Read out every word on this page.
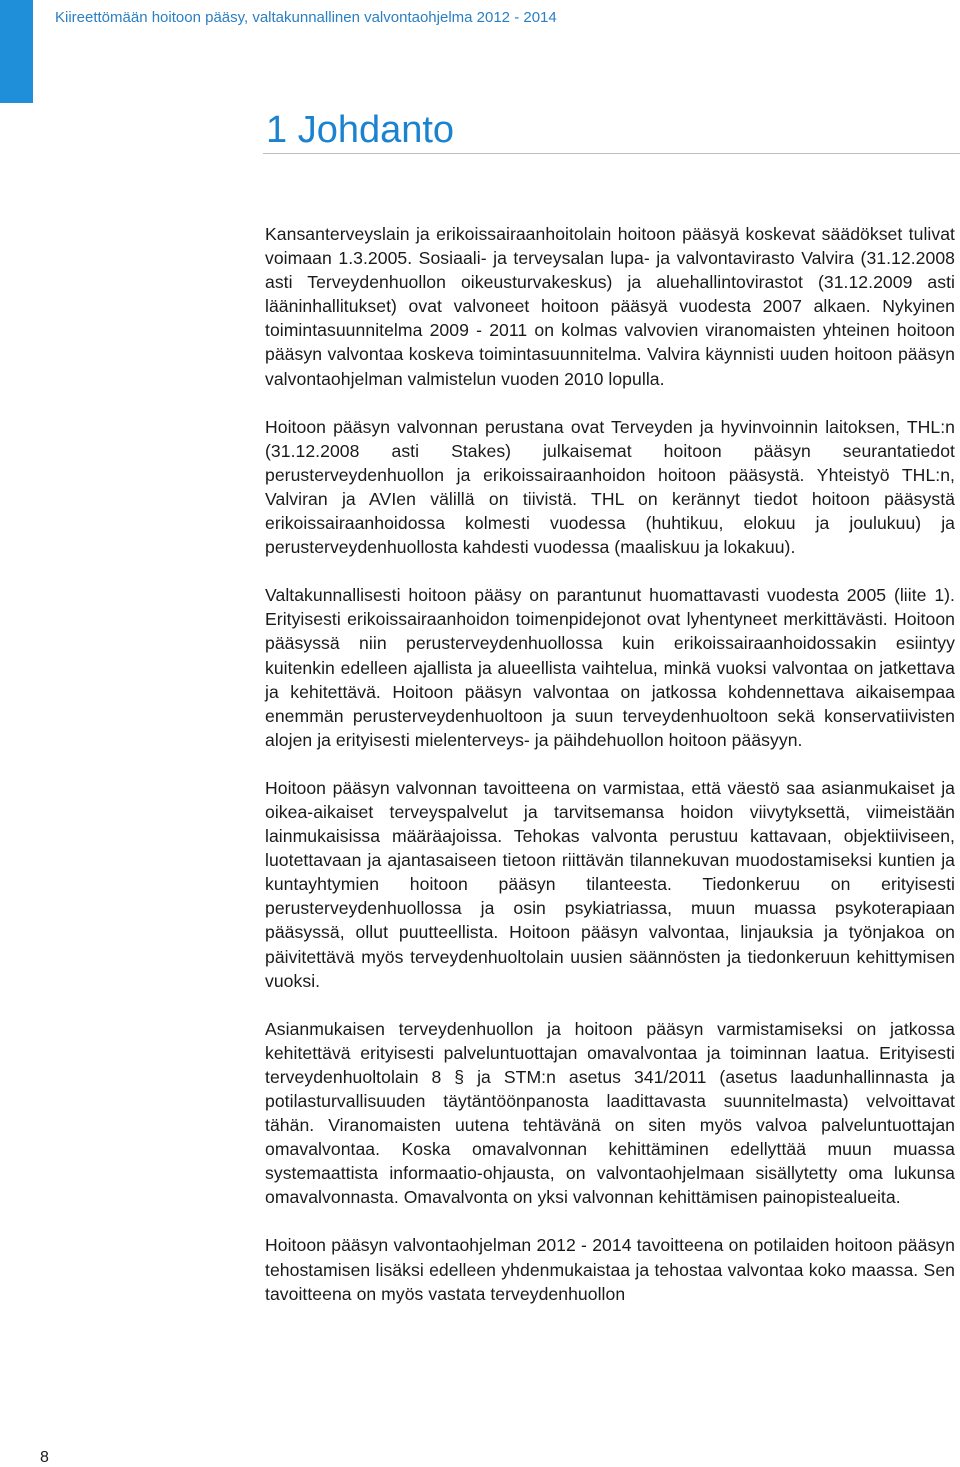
Kiireettömään hoitoon pääsy, valtakunnallinen valvontaohjelma 2012 - 2014
1 Johdanto

Kansanterveyslain ja erikoissairaanhoitolain hoitoon pääsyä koskevat säädökset tulivat voimaan 1.3.2005. Sosiaali- ja terveysalan lupa- ja valvontavirasto Valvira (31.12.2008 asti Terveydenhuollon oikeusturvakeskus) ja aluehallintovirastot (31.12.2009 asti lääninhallitukset) ovat valvoneet hoitoon pääsyä vuodesta 2007 alkaen. Nykyinen toimintasuunnitelma 2009 - 2011 on kolmas valvovien viranomaisten yhteinen hoitoon pääsyn valvontaa koskeva toimintasuunnitelma. Valvira käynnisti uuden hoitoon pääsyn valvontaohjelman valmistelun vuoden 2010 lopulla.

Hoitoon pääsyn valvonnan perustana ovat Terveyden ja hyvinvoinnin laitoksen, THL:n (31.12.2008 asti Stakes) julkaisemat hoitoon pääsyn seurantatiedot perusterveydenhuollon ja erikoissairaanhoidon hoitoon pääsystä. Yhteistyö THL:n, Valviran ja AVIen välillä on tiivistä. THL on kerännyt tiedot hoitoon pääsystä erikoissairaanhoidossa kolmesti vuodessa (huhtikuu, elokuu ja joulukuu) ja perusterveydenhuollosta kahdesti vuodessa (maaliskuu ja lokakuu).

Valtakunnallisesti hoitoon pääsy on parantunut huomattavasti vuodesta 2005 (liite 1). Erityisesti erikoissairaanhoidon toimenpidejonot ovat lyhentyneet merkittävästi. Hoitoon pääsyssä niin perusterveydenhuollossa kuin erikoissairaanhoidossakin esiintyy kuitenkin edelleen ajallista ja alueellista vaihtelua, minkä vuoksi valvontaa on jatkettava ja kehitettävä. Hoitoon pääsyn valvontaa on jatkossa kohdennettava aikaisempaa enemmän perusterveydenhuoltoon ja suun terveydenhuoltoon sekä konservatiivisten alojen ja erityisesti mielenterveys- ja päihdehuollon hoitoon pääsyyn.

Hoitoon pääsyn valvonnan tavoitteena on varmistaa, että väestö saa asianmukaiset ja oikea-aikaiset terveyspalvelut ja tarvitsemansa hoidon viivytyksettä, viimeistään lainmukaisissa määräajoissa. Tehokas valvonta perustuu kattavaan, objektiiviseen, luotettavaan ja ajantasaiseen tietoon riittävän tilannekuvan muodostamiseksi kuntien ja kuntayhtymien hoitoon pääsyn tilanteesta. Tiedonkeruu on erityisesti perusterveydenhuollossa ja osin psykiatriassa, muun muassa psykoterapiaan pääsyssä, ollut puutteellista. Hoitoon pääsyn valvontaa, linjauksia ja työnjakoa on päivitettävä myös terveydenhuoltolain uusien säännösten ja tiedonkeruun kehittymisen vuoksi.

Asianmukaisen terveydenhuollon ja hoitoon pääsyn varmistamiseksi on jatkossa kehitettävä erityisesti palveluntuottajan omavalvontaa ja toiminnan laatua. Erityisesti terveydenhuoltolain 8 § ja STM:n asetus 341/2011 (asetus laadunhallinnasta ja potilasturvallisuuden täytäntöönpanosta laadittavasta suunnitelmasta) velvoittavat tähän. Viranomaisten uutena tehtävänä on siten myös valvoa palveluntuottajan omavalvontaa. Koska omavalvonnan kehittäminen edellyttää muun muassa systemaattista informaatio-ohjausta, on valvontaohjelmaan sisällytetty oma lukunsa omavalvonnasta. Omavalvonta on yksi valvonnan kehittämisen painopistealueita.

Hoitoon pääsyn valvontaohjelman 2012 - 2014 tavoitteena on potilaiden hoitoon pääsyn tehostamisen lisäksi edelleen yhdenmukaistaa ja tehostaa valvontaa koko maassa. Sen tavoitteena on myös vastata terveydenhuollon

8
